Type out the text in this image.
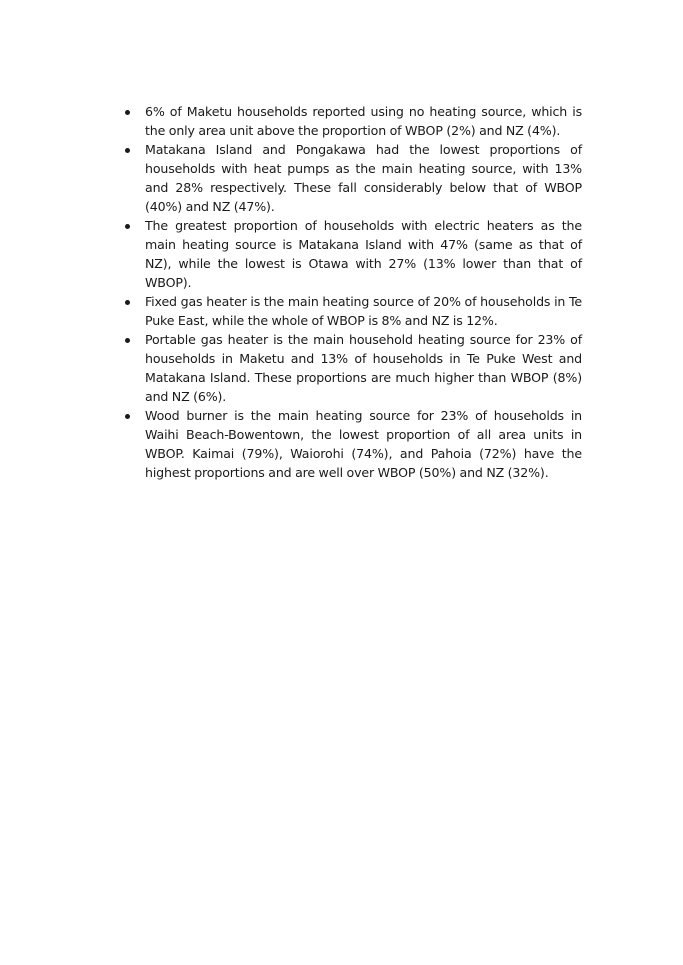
6% of Maketu households reported using no heating source, which is the only area unit above the proportion of WBOP (2%) and NZ (4%).
Matakana Island and Pongakawa had the lowest proportions of households with heat pumps as the main heating source, with 13% and 28% respectively. These fall considerably below that of WBOP (40%) and NZ (47%).
The greatest proportion of households with electric heaters as the main heating source is Matakana Island with 47% (same as that of NZ), while the lowest is Otawa with 27% (13% lower than that of WBOP).
Fixed gas heater is the main heating source of 20% of households in Te Puke East, while the whole of WBOP is 8% and NZ is 12%.
Portable gas heater is the main household heating source for 23% of households in Maketu and 13% of households in Te Puke West and Matakana Island. These proportions are much higher than WBOP (8%) and NZ (6%).
Wood burner is the main heating source for 23% of households in Waihi Beach-Bowentown, the lowest proportion of all area units in WBOP. Kaimai (79%), Waiorohi (74%), and Pahoia (72%) have the highest proportions and are well over WBOP (50%) and NZ (32%).
